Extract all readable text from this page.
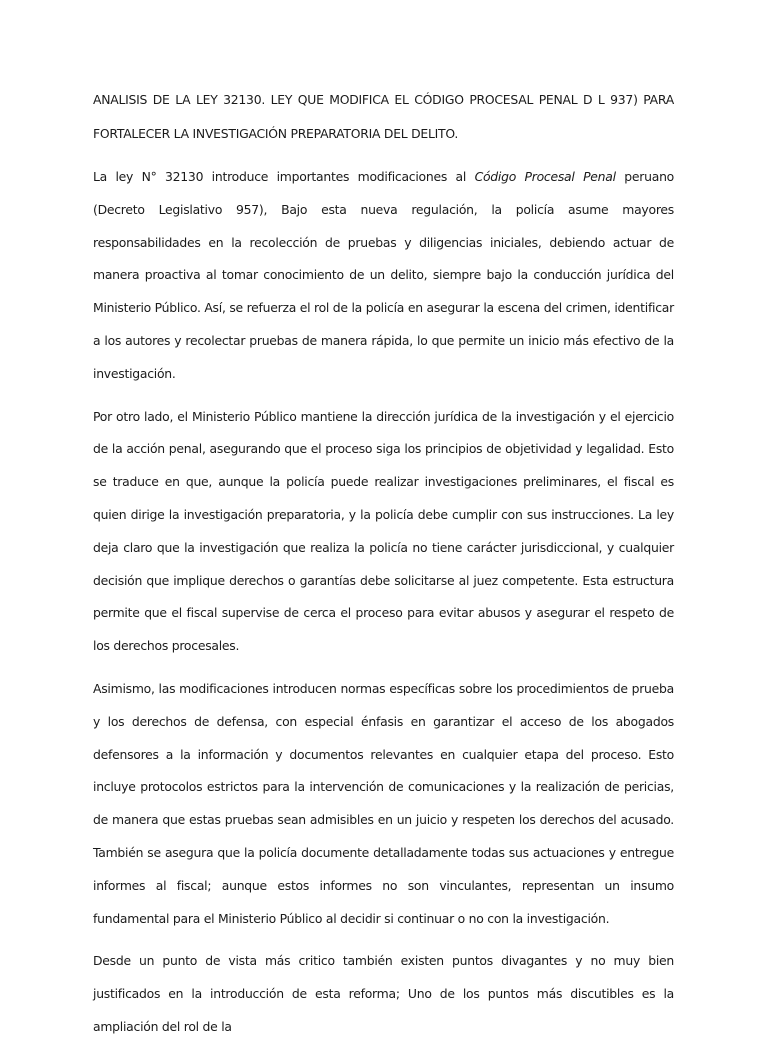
ANALISIS DE LA LEY 32130. LEY QUE MODIFICA EL CÓDIGO PROCESAL PENAL D L 937) PARA FORTALECER LA INVESTIGACIÓN PREPARATORIA DEL DELITO.

La ley N° 32130 introduce importantes modificaciones al Código Procesal Penal peruano (Decreto Legislativo 957), Bajo esta nueva regulación, la policía asume mayores responsabilidades en la recolección de pruebas y diligencias iniciales, debiendo actuar de manera proactiva al tomar conocimiento de un delito, siempre bajo la conducción jurídica del Ministerio Público. Así, se refuerza el rol de la policía en asegurar la escena del crimen, identificar a los autores y recolectar pruebas de manera rápida, lo que permite un inicio más efectivo de la investigación.

Por otro lado, el Ministerio Público mantiene la dirección jurídica de la investigación y el ejercicio de la acción penal, asegurando que el proceso siga los principios de objetividad y legalidad. Esto se traduce en que, aunque la policía puede realizar investigaciones preliminares, el fiscal es quien dirige la investigación preparatoria, y la policía debe cumplir con sus instrucciones. La ley deja claro que la investigación que realiza la policía no tiene carácter jurisdiccional, y cualquier decisión que implique derechos o garantías debe solicitarse al juez competente. Esta estructura permite que el fiscal supervise de cerca el proceso para evitar abusos y asegurar el respeto de los derechos procesales.

Asimismo, las modificaciones introducen normas específicas sobre los procedimientos de prueba y los derechos de defensa, con especial énfasis en garantizar el acceso de los abogados defensores a la información y documentos relevantes en cualquier etapa del proceso. Esto incluye protocolos estrictos para la intervención de comunicaciones y la realización de pericias, de manera que estas pruebas sean admisibles en un juicio y respeten los derechos del acusado. También se asegura que la policía documente detalladamente todas sus actuaciones y entregue informes al fiscal; aunque estos informes no son vinculantes, representan un insumo fundamental para el Ministerio Público al decidir si continuar o no con la investigación.

Desde un punto de vista más critico también existen puntos divagantes y no muy bien justificados en la introducción de esta reforma; Uno de los puntos más discutibles es la ampliación del rol de la
